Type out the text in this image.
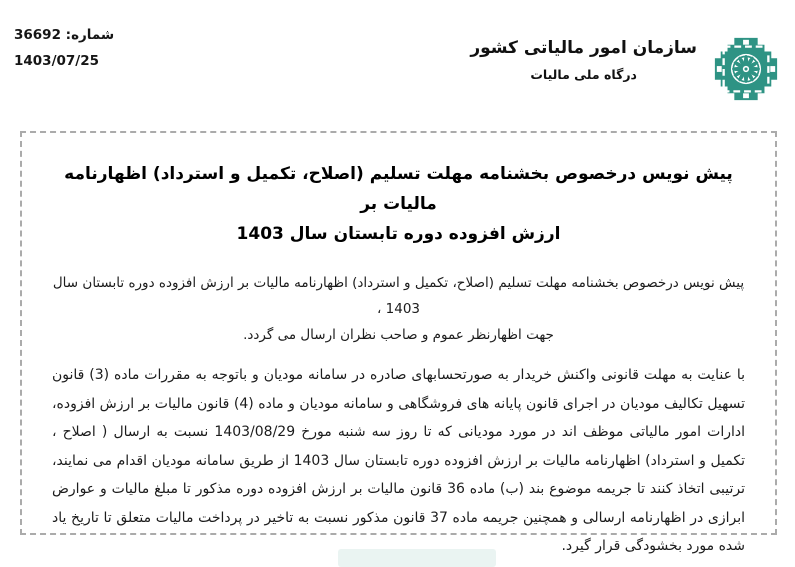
شماره: 36692
1403/07/25
سازمان امور مالیاتی کشور
درگاه ملی مالیات
پیش نویس درخصوص بخشنامه مهلت تسلیم (اصلاح، تکمیل و استرداد) اظهارنامه مالیات بر
ارزش افزوده دوره تابستان سال 1403
پیش نویس درخصوص بخشنامه مهلت تسلیم (اصلاح، تکمیل و استرداد) اظهارنامه مالیات بر ارزش افزوده دوره تابستان سال 1403 ،
جهت اظهارنظر عموم و صاحب نظران ارسال می گردد.
با عنایت به مهلت قانونی واکنش خریدار به صورتحسابهای صادره در سامانه مودیان و باتوجه به مقررات ماده (3) قانون تسهیل تکالیف مودیان در اجرای قانون پایانه های فروشگاهی و سامانه مودیان و ماده (4) قانون مالیات بر ارزش افزوده، ادارات امور مالیاتی موظف اند در مورد مودیانی که تا روز سه شنبه مورخ 1403/08/29 نسبت به ارسال ( اصلاح ، تکمیل و استرداد) اظهارنامه مالیات بر ارزش افزوده دوره تابستان سال 1403 از طریق سامانه مودیان اقدام می نمایند، ترتیبی اتخاذ کنند تا جریمه موضوع بند (ب) ماده 36 قانون مالیات بر ارزش افزوده دوره مذکور تا مبلغ مالیات و عوارض ابرازی در اظهارنامه ارسالی و همچنین جریمه ماده 37 قانون مذکور نسبت به تاخیر در پرداخت مالیات متعلق تا تاریخ یاد شده مورد بخشودگی قرار گیرد.
